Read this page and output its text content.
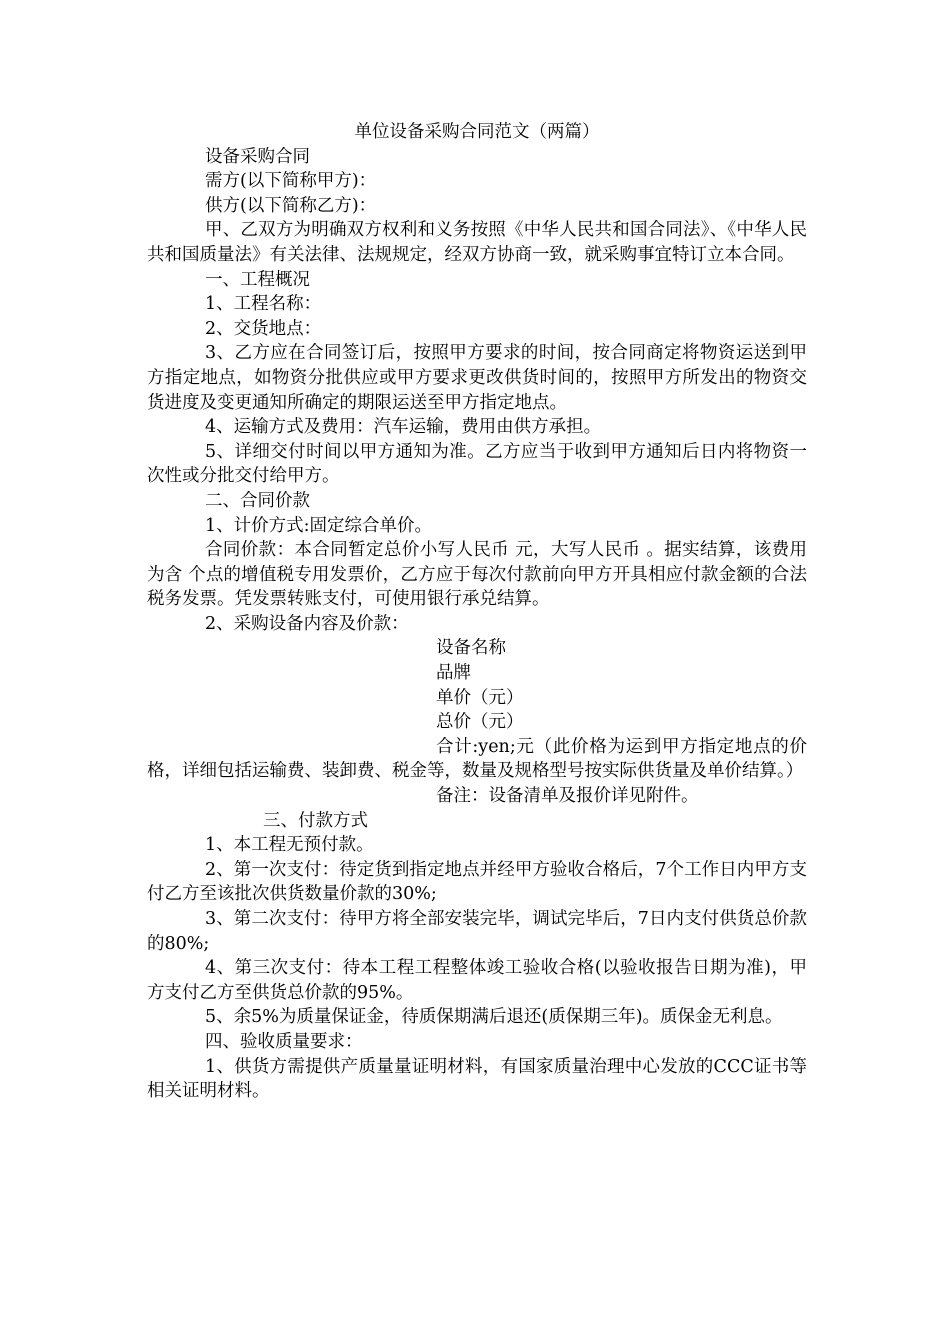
单位设备采购合同范文（两篇）

设备采购合同

需方(以下简称甲方)：

供方(以下简称乙方)：

甲、乙双方为明确双方权利和义务按照《中华人民共和国合同法》、《中华人民共和国质量法》有关法律、法规规定，经双方协商一致，就采购事宜特订立本合同。

一、工程概况

1、工程名称：

2、交货地点：

3、乙方应在合同签订后，按照甲方要求的时间，按合同商定将物资运送到甲方指定地点，如物资分批供应或甲方要求更改供货时间的，按照甲方所发出的物资交货进度及变更通知所确定的期限运送至甲方指定地点。

4、运输方式及费用：汽车运输，费用由供方承担。

5、详细交付时间以甲方通知为准。乙方应当于收到甲方通知后日内将物资一次性或分批交付给甲方。

二、合同价款

1、计价方式:固定综合单价。

合同价款：本合同暂定总价小写人民币 元，大写人民币 。据实结算，该费用为含 个点的增值税专用发票价，乙方应于每次付款前向甲方开具相应付款金额的合法税务发票。凭发票转账支付，可使用银行承兑结算。

2、采购设备内容及价款：

设备名称

品牌

单价（元）

总价（元）

合计:yen;元（此价格为运到甲方指定地点的价格，详细包括运输费、装卸费、税金等，数量及规格型号按实际供货量及单价结算。）

备注：设备清单及报价详见附件。

三、付款方式

1、本工程无预付款。

2、第一次支付：待定货到指定地点并经甲方验收合格后，7个工作日内甲方支付乙方至该批次供货数量价款的30%;

3、第二次支付：待甲方将全部安装完毕，调试完毕后，7日内支付供货总价款的80%;

4、第三次支付：待本工程工程整体竣工验收合格(以验收报告日期为准)，甲方支付乙方至供货总价款的95%。

5、余5%为质量保证金，待质保期满后退还(质保期三年)。质保金无利息。

四、验收质量要求：

1、供货方需提供产质量量证明材料，有国家质量治理中心发放的CCC证书等相关证明材料。
